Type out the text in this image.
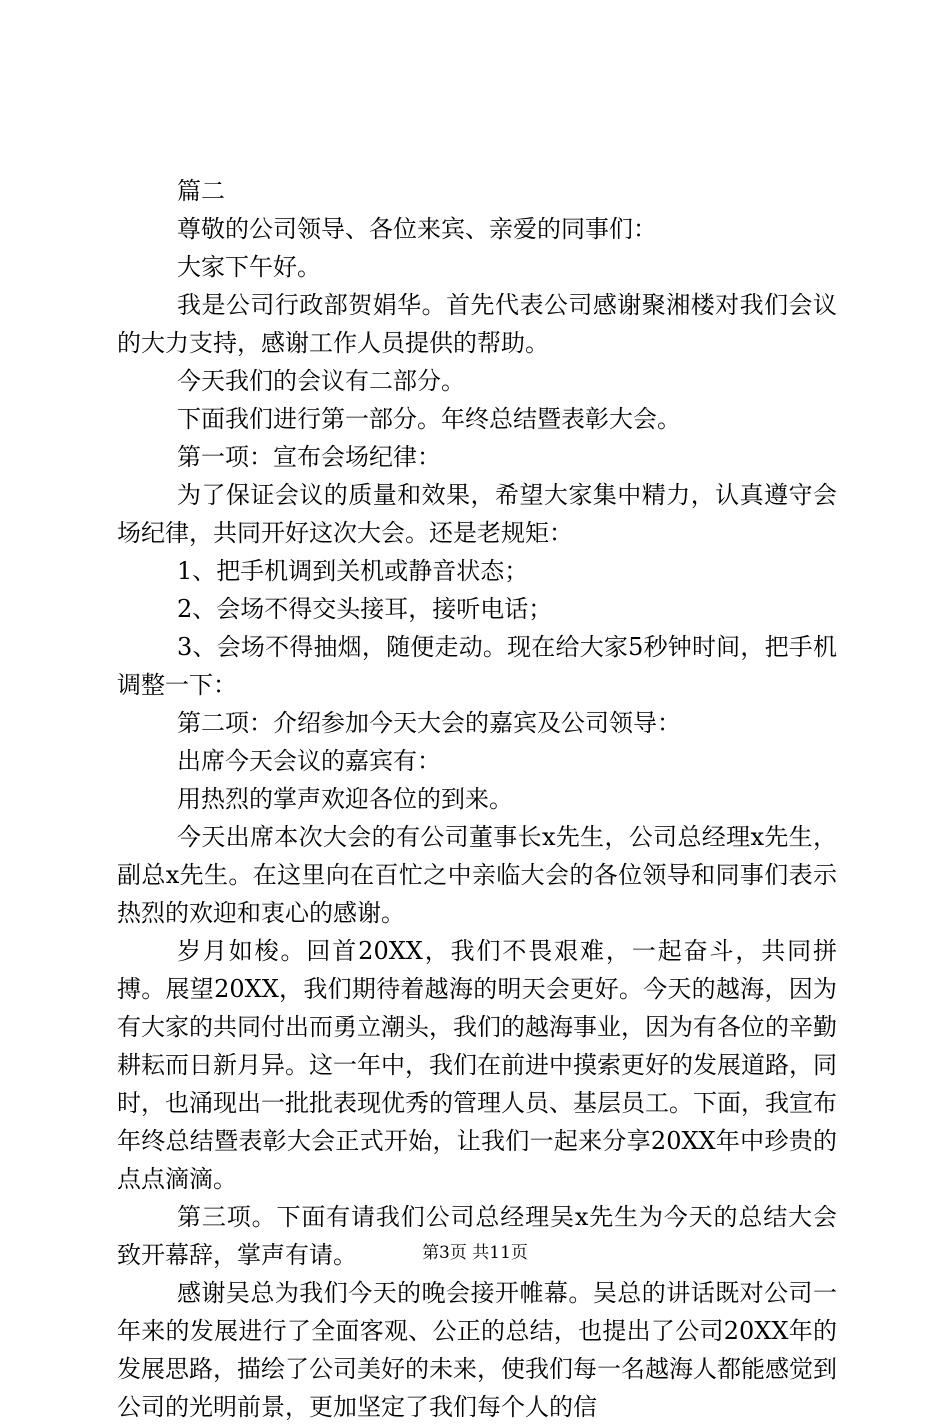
篇二

尊敬的公司领导、各位来宾、亲爱的同事们：

大家下午好。

我是公司行政部贺娟华。首先代表公司感谢聚湘楼对我们会议的大力支持，感谢工作人员提供的帮助。

今天我们的会议有二部分。

下面我们进行第一部分。年终总结暨表彰大会。

第一项：宣布会场纪律：

为了保证会议的质量和效果，希望大家集中精力，认真遵守会场纪律，共同开好这次大会。还是老规矩：

1、把手机调到关机或静音状态；

2、会场不得交头接耳，接听电话；

3、会场不得抽烟，随便走动。现在给大家5秒钟时间，把手机调整一下：

第二项：介绍参加今天大会的嘉宾及公司领导：

出席今天会议的嘉宾有：

用热烈的掌声欢迎各位的到来。

今天出席本次大会的有公司董事长x先生，公司总经理x先生，副总x先生。在这里向在百忙之中亲临大会的各位领导和同事们表示热烈的欢迎和衷心的感谢。

岁月如梭。回首20XX，我们不畏艰难，一起奋斗，共同拼搏。展望20XX，我们期待着越海的明天会更好。今天的越海，因为有大家的共同付出而勇立潮头，我们的越海事业，因为有各位的辛勤耕耘而日新月异。这一年中，我们在前进中摸索更好的发展道路，同时，也涌现出一批批表现优秀的管理人员、基层员工。下面，我宣布年终总结暨表彰大会正式开始，让我们一起来分享20XX年中珍贵的点点滴滴。

第三项。下面有请我们公司总经理吴x先生为今天的总结大会致开幕辞，掌声有请。

感谢吴总为我们今天的晚会接开帷幕。吴总的讲话既对公司一年来的发展进行了全面客观、公正的总结，也提出了公司20XX年的发展思路，描绘了公司美好的未来，使我们每一名越海人都能感觉到公司的光明前景，更加坚定了我们每个人的信

第3页 共11页
